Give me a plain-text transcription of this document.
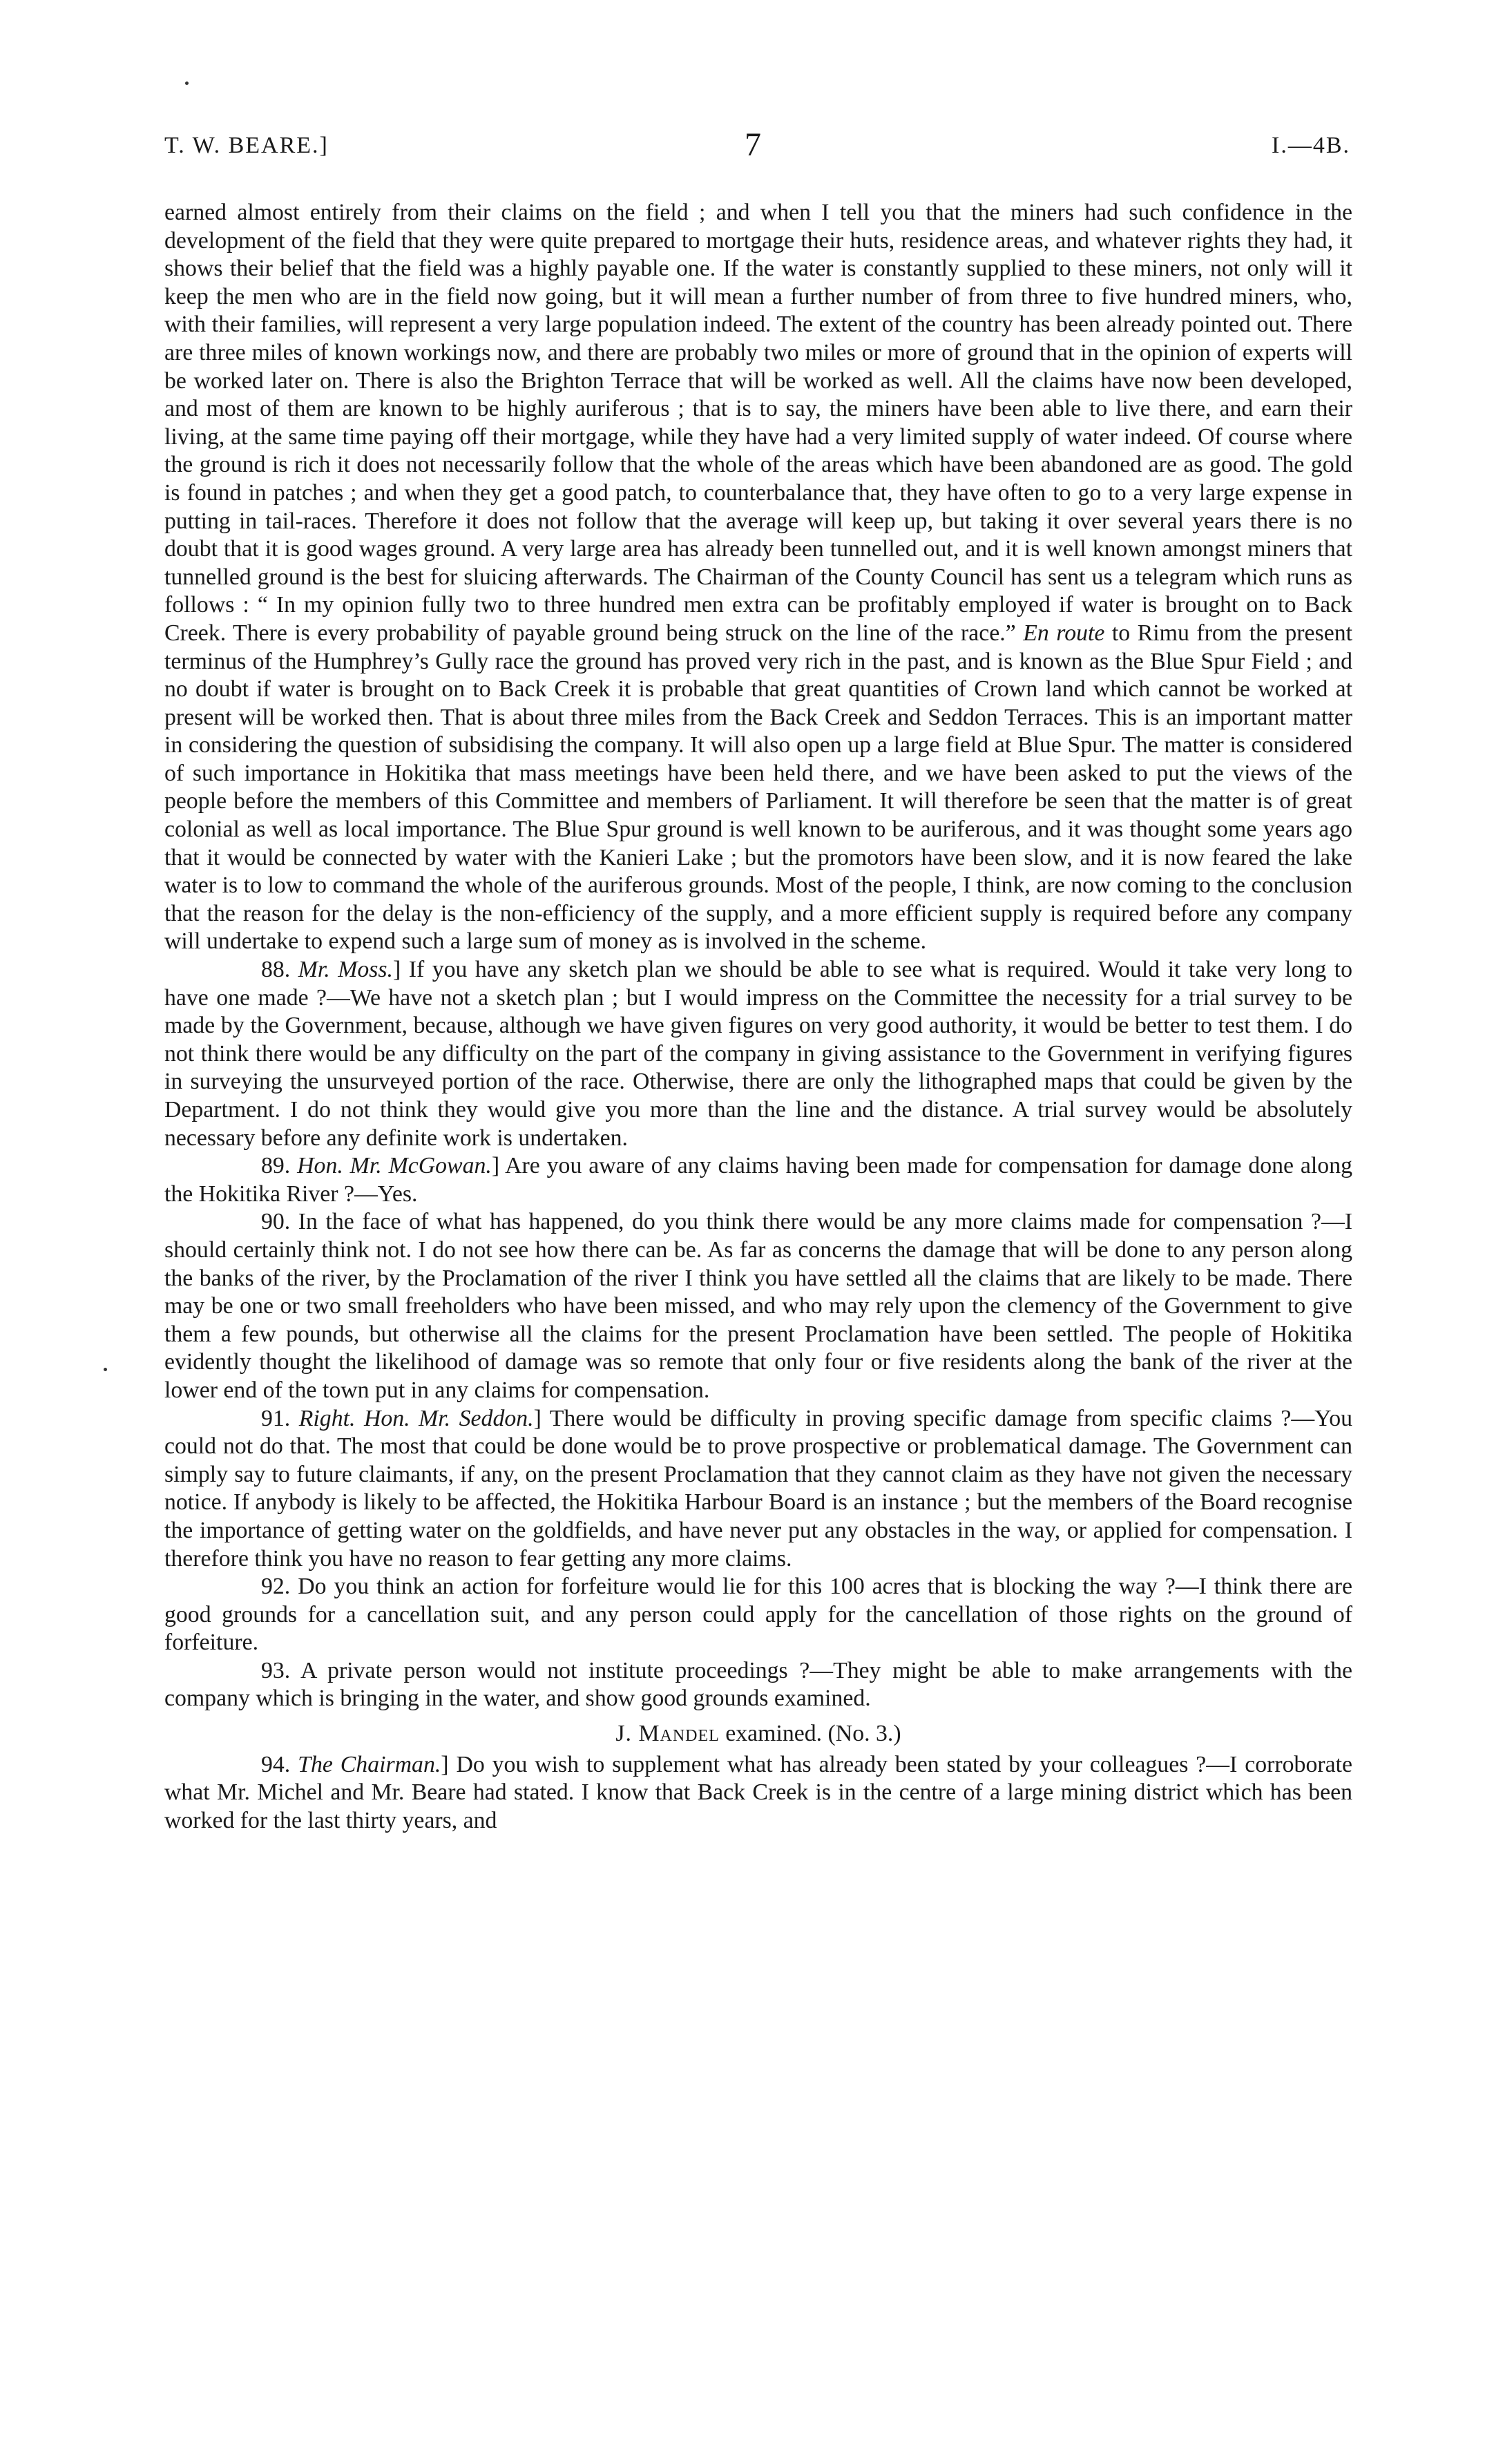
T. W. BEARE.]	7	I.—4B.

earned almost entirely from their claims on the field ; and when I tell you that the miners had such confidence in the development of the field that they were quite prepared to mortgage their huts, residence areas, and whatever rights they had, it shows their belief that the field was a highly payable one. If the water is constantly supplied to these miners, not only will it keep the men who are in the field now going, but it will mean a further number of from three to five hundred miners, who, with their families, will represent a very large population indeed. The extent of the country has been already pointed out. There are three miles of known workings now, and there are probably two miles or more of ground that in the opinion of experts will be worked later on. There is also the Brighton Terrace that will be worked as well. All the claims have now been developed, and most of them are known to be highly auriferous ; that is to say, the miners have been able to live there, and earn their living, at the same time paying off their mortgage, while they have had a very limited supply of water indeed. Of course where the ground is rich it does not necessarily follow that the whole of the areas which have been abandoned are as good. The gold is found in patches ; and when they get a good patch, to counterbalance that, they have often to go to a very large expense in putting in tail-races. Therefore it does not follow that the average will keep up, but taking it over several years there is no doubt that it is good wages ground. A very large area has already been tunnelled out, and it is well known amongst miners that tunnelled ground is the best for sluicing afterwards. The Chairman of the County Council has sent us a telegram which runs as follows : “ In my opinion fully two to three hundred men extra can be profitably employed if water is brought on to Back Creek. There is every probability of payable ground being struck on the line of the race.” En route to Rimu from the present terminus of the Humphrey’s Gully race the ground has proved very rich in the past, and is known as the Blue Spur Field ; and no doubt if water is brought on to Back Creek it is probable that great quantities of Crown land which cannot be worked at present will be worked then. That is about three miles from the Back Creek and Seddon Terraces. This is an important matter in considering the question of subsidising the company. It will also open up a large field at Blue Spur. The matter is considered of such importance in Hokitika that mass meetings have been held there, and we have been asked to put the views of the people before the members of this Committee and members of Parliament. It will therefore be seen that the matter is of great colonial as well as local importance. The Blue Spur ground is well known to be auriferous, and it was thought some years ago that it would be connected by water with the Kanieri Lake ; but the promotors have been slow, and it is now feared the lake water is to low to command the whole of the auriferous grounds. Most of the people, I think, are now coming to the conclusion that the reason for the delay is the non-efficiency of the supply, and a more efficient supply is required before any company will undertake to expend such a large sum of money as is involved in the scheme.

88. Mr. Moss.] If you have any sketch plan we should be able to see what is required. Would it take very long to have one made ?—We have not a sketch plan ; but I would impress on the Committee the necessity for a trial survey to be made by the Government, because, although we have given figures on very good authority, it would be better to test them. I do not think there would be any difficulty on the part of the company in giving assistance to the Government in verifying figures in surveying the unsurveyed portion of the race. Otherwise, there are only the lithographed maps that could be given by the Department. I do not think they would give you more than the line and the distance. A trial survey would be absolutely necessary before any definite work is undertaken.

89. Hon. Mr. McGowan.] Are you aware of any claims having been made for compensation for damage done along the Hokitika River ?—Yes.

90. In the face of what has happened, do you think there would be any more claims made for compensation ?—I should certainly think not. I do not see how there can be. As far as concerns the damage that will be done to any person along the banks of the river, by the Proclamation of the river I think you have settled all the claims that are likely to be made. There may be one or two small freeholders who have been missed, and who may rely upon the clemency of the Government to give them a few pounds, but otherwise all the claims for the present Proclamation have been settled. The people of Hokitika evidently thought the likelihood of damage was so remote that only four or five residents along the bank of the river at the lower end of the town put in any claims for compensation.

91. Right. Hon. Mr. Seddon.] There would be difficulty in proving specific damage from specific claims ?—You could not do that. The most that could be done would be to prove prospective or problematical damage. The Government can simply say to future claimants, if any, on the present Proclamation that they cannot claim as they have not given the necessary notice. If anybody is likely to be affected, the Hokitika Harbour Board is an instance ; but the members of the Board recognise the importance of getting water on the goldfields, and have never put any obstacles in the way, or applied for compensation. I therefore think you have no reason to fear getting any more claims.

92. Do you think an action for forfeiture would lie for this 100 acres that is blocking the way ?—I think there are good grounds for a cancellation suit, and any person could apply for the cancellation of those rights on the ground of forfeiture.

93. A private person would not institute proceedings ?—They might be able to make arrangements with the company which is bringing in the water, and show good grounds examined.

J. Mandel examined. (No. 3.)

94. The Chairman.] Do you wish to supplement what has already been stated by your colleagues ?—I corroborate what Mr. Michel and Mr. Beare had stated. I know that Back Creek is in the centre of a large mining district which has been worked for the last thirty years, and
